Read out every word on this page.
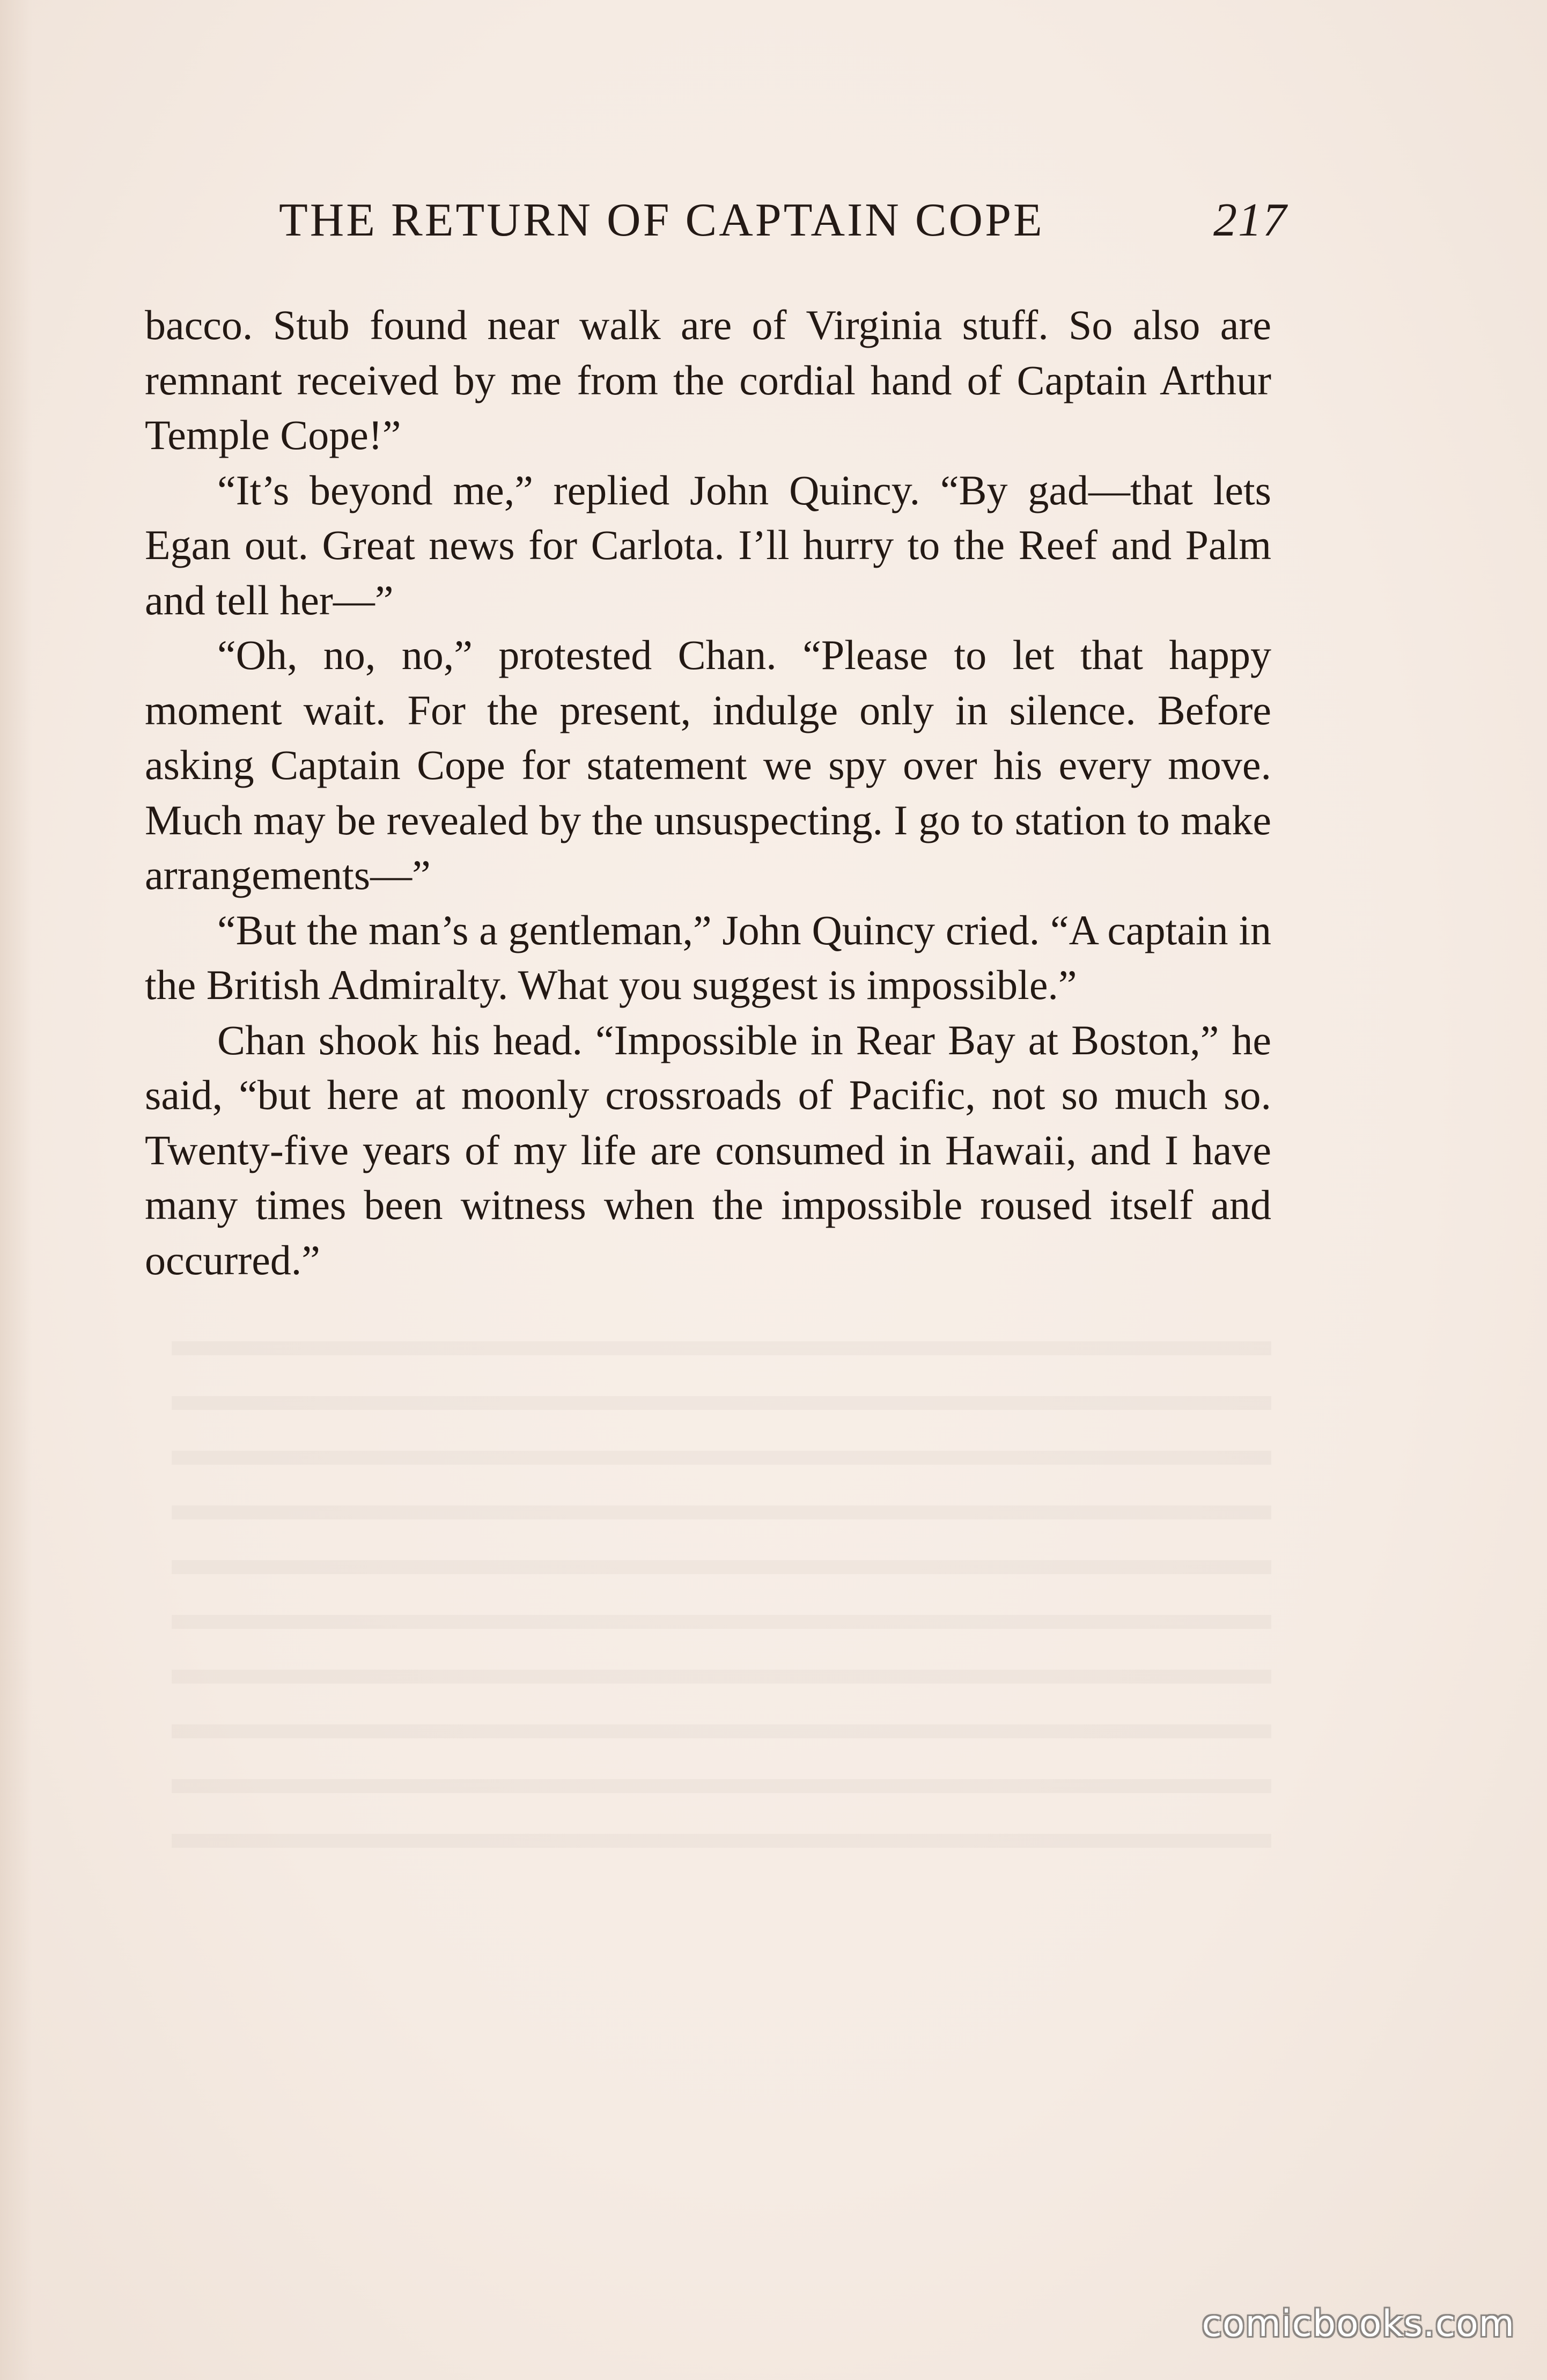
THE RETURN OF CAPTAIN COPE	217

bacco. Stub found near walk are of Virginia stuff. So also are remnant received by me from the cordial hand of Captain Arthur Temple Cope!”

“It’s beyond me,” replied John Quincy. “By gad—that lets Egan out. Great news for Carlota. I’ll hurry to the Reef and Palm and tell her—”

“Oh, no, no,” protested Chan. “Please to let that happy moment wait. For the present, indulge only in silence. Before asking Captain Cope for statement we spy over his every move. Much may be revealed by the unsuspecting. I go to station to make arrangements—”

“But the man’s a gentleman,” John Quincy cried. “A captain in the British Admiralty. What you suggest is impossible.”

Chan shook his head. “Impossible in Rear Bay at Boston,” he said, “but here at moonly crossroads of Pacific, not so much so. Twenty-five years of my life are consumed in Hawaii, and I have many times been witness when the impossible roused itself and occurred.”

comicbooks.com
